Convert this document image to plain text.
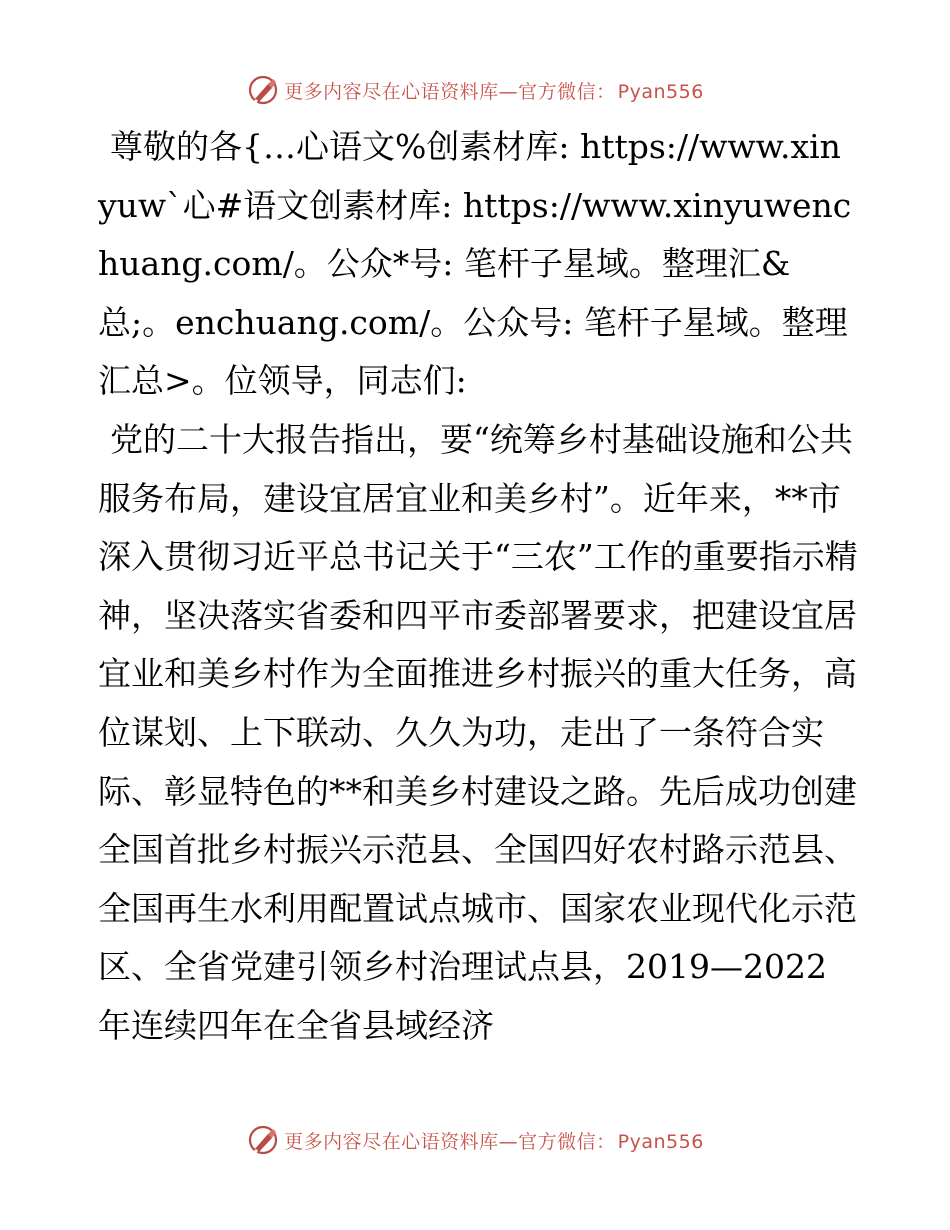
更多内容尽在心语资料库—官方微信： Pyan556

尊敬的各{…心语文%创素材库: https://www.xinyuw`心#语文创素材库: https://www.xinyuwenchuang.com/。公众*号: 笔杆子星域。整理汇&总;。enchuang.com/。公众号: 笔杆子星域。整理汇总>。位领导，同志们:

党的二十大报告指出，要“统筹乡村基础设施和公共服务布局，建设宜居宜业和美乡村”。近年来，**市深入贯彻习近平总书记关于“三农”工作的重要指示精神，坚决落实省委和四平市委部署要求，把建设宜居宜业和美乡村作为全面推进乡村振兴的重大任务，高位谋划、上下联动、久久为功，走出了一条符合实际、彰显特色的**和美乡村建设之路。先后成功创建全国首批乡村振兴示范县、全国四好农村路示范县、全国再生水利用配置试点城市、国家农业现代化示范区、全省党建引领乡村治理试点县，2019—2022年连续四年在全省县域经济

更多内容尽在心语资料库—官方微信： Pyan556
